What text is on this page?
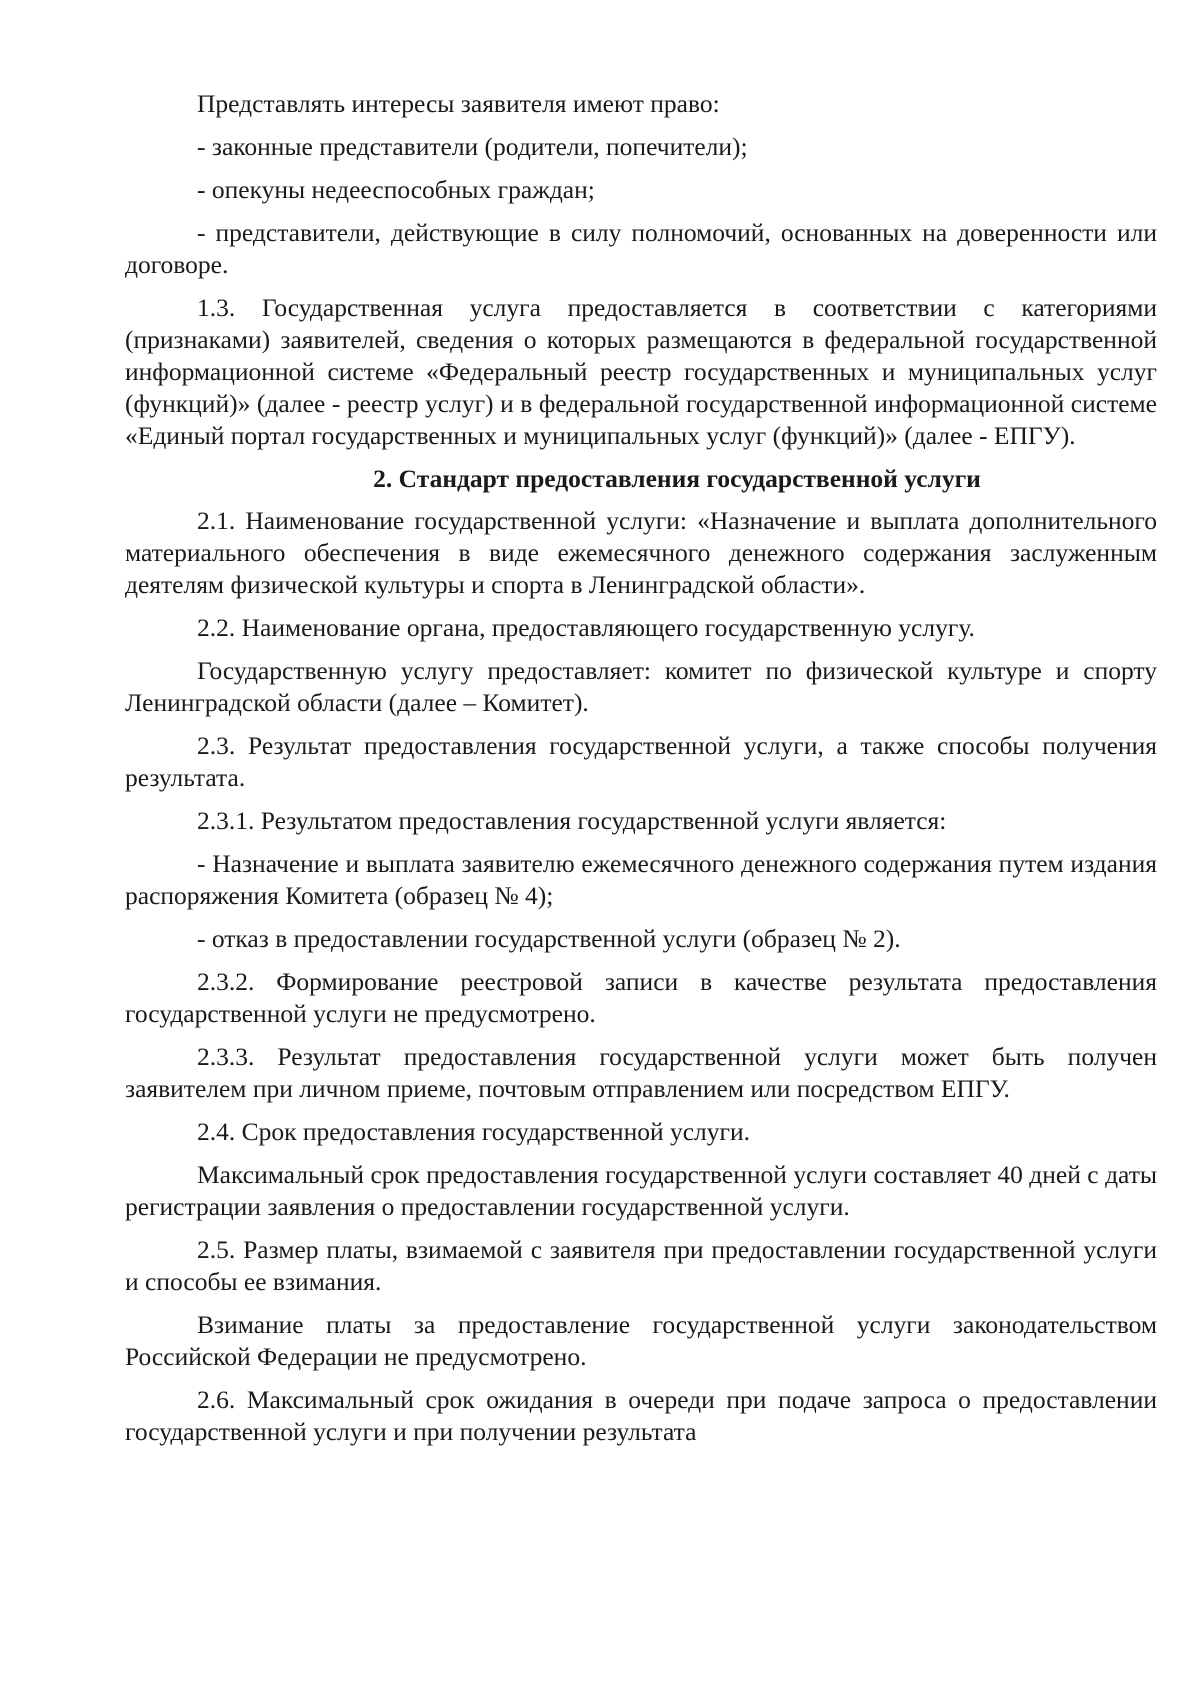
Представлять интересы заявителя имеют право:

- законные представители (родители, попечители);

- опекуны недееспособных граждан;

- представители, действующие в силу полномочий, основанных на доверенности или договоре.

1.3. Государственная услуга предоставляется в соответствии с категориями (признаками) заявителей, сведения о которых размещаются в федеральной государственной информационной системе «Федеральный реестр государственных и муниципальных услуг (функций)» (далее - реестр услуг) и в федеральной государственной информационной системе «Единый портал государственных и муниципальных услуг (функций)» (далее - ЕПГУ).

2. Стандарт предоставления государственной услуги

2.1. Наименование государственной услуги: «Назначение и выплата дополнительного материального обеспечения в виде ежемесячного денежного содержания заслуженным деятелям физической культуры и спорта в Ленинградской области».

2.2. Наименование органа, предоставляющего государственную услугу.

Государственную услугу предоставляет: комитет по физической культуре и спорту Ленинградской области (далее – Комитет).

2.3. Результат предоставления государственной услуги, а также способы получения результата.

2.3.1. Результатом предоставления государственной услуги является:

- Назначение и выплата заявителю ежемесячного денежного содержания путем издания распоряжения Комитета (образец № 4);

- отказ в предоставлении государственной услуги (образец № 2).

2.3.2. Формирование реестровой записи в качестве результата предоставления государственной услуги не предусмотрено.

2.3.3. Результат предоставления государственной услуги может быть получен заявителем при личном приеме, почтовым отправлением или посредством ЕПГУ.

2.4. Срок предоставления государственной услуги.

Максимальный срок предоставления государственной услуги составляет 40 дней с даты регистрации заявления о предоставлении государственной услуги.

2.5. Размер платы, взимаемой с заявителя при предоставлении государственной услуги и способы ее взимания.

Взимание платы за предоставление государственной услуги законодательством Российской Федерации не предусмотрено.

2.6. Максимальный срок ожидания в очереди при подаче запроса о предоставлении государственной услуги и при получении результата
